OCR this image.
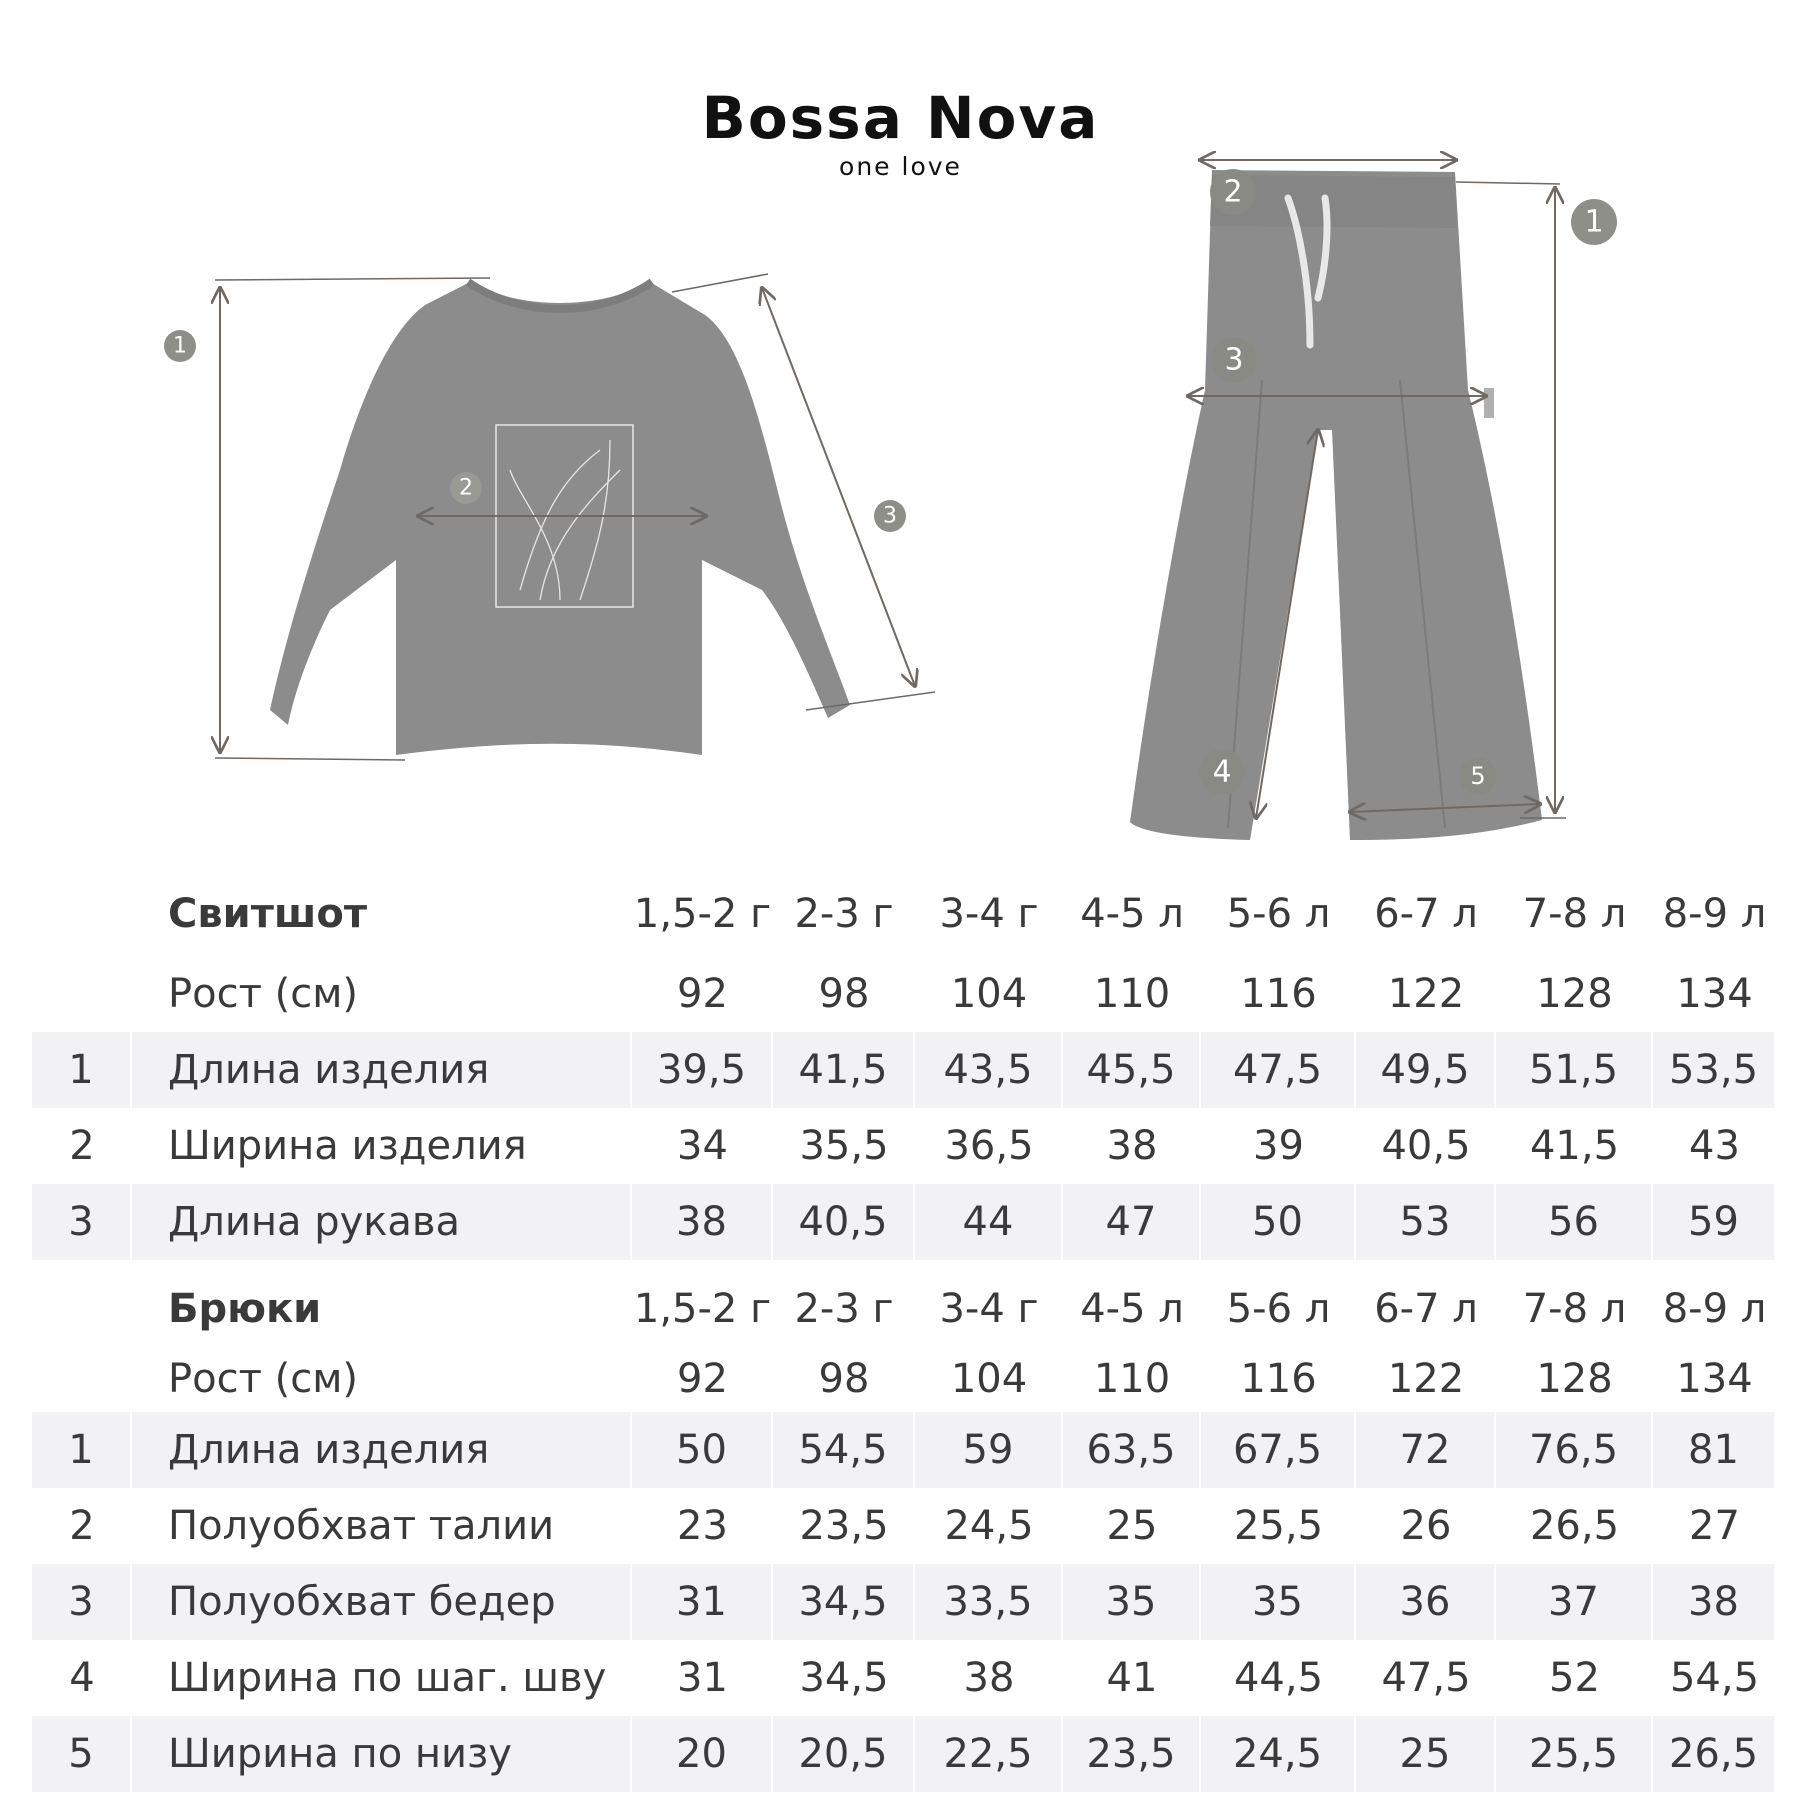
Bossa Nova
one love
1
2
3
1
2
3
4	5
Свитшот	1,5-2 г 2-3 г	3-4 г	4-5 л	5-6 л	6-7 л	7-8 л 8-9 л
Рост (см)	92	98	104	110	116	122	128	134
1	Длина изделия	39,5	41,5	43,5	45,5	47,5	49,5	51,5	53,5
2	Ширина изделия	34	35,5	36,5	38	39	40,5	41,5	43
3	Длина рукава	38	40,5	44	47	50	53	56	59
Брюки	1,5-2 г 2-3 г	3-4 г	4-5 л	5-6 л	6-7 л	7-8 л 8-9 л
Рост (см)	92	98	104	110	116	122	128	134
1	Длина изделия	50	54,5	59	63,5	67,5	72	76,5	81
2	Полуобхват талии	23	23,5	24,5	25	25,5	26	26,5	27
3	Полуобхват бедер	31	34,5	33,5	35	35	36	37	38
4	Ширина по шаг. шву	31	34,5	38	41	44,5	47,5	52	54,5
5	Ширина по низу	20	20,5	22,5	23,5	24,5	25	25,5	26,5
